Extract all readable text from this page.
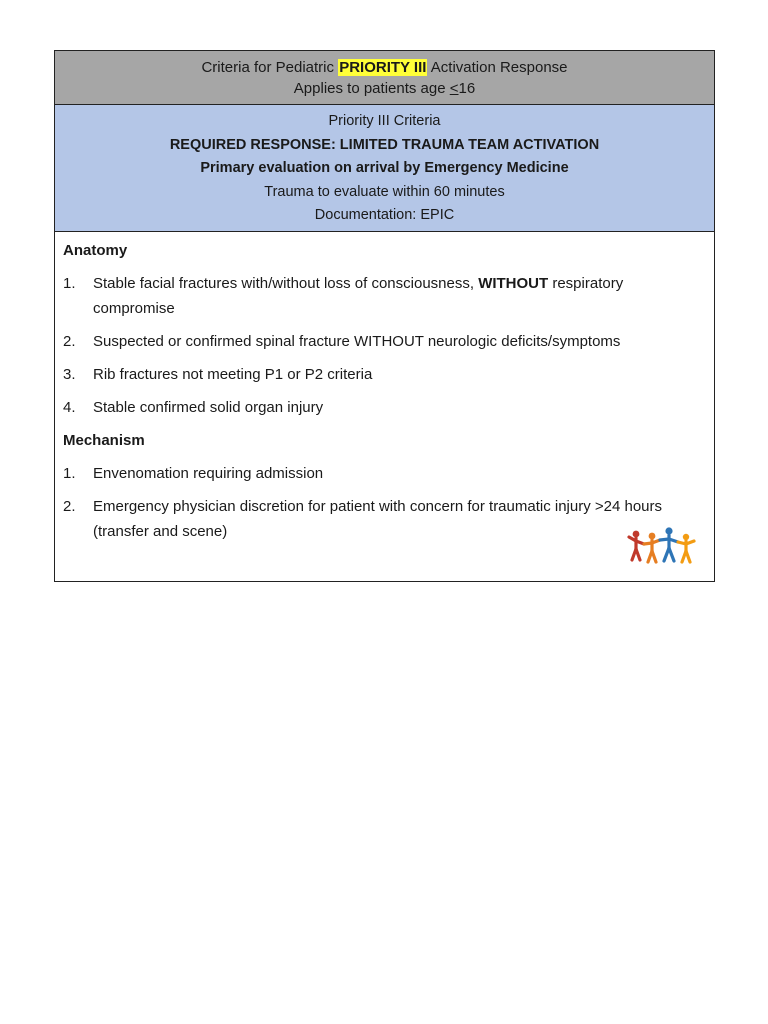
Criteria for Pediatric PRIORITY III Activation Response
Applies to patients age <16
Priority III Criteria
REQUIRED RESPONSE: LIMITED TRAUMA TEAM ACTIVATION
Primary evaluation on arrival by Emergency Medicine
Trauma to evaluate within 60 minutes
Documentation: EPIC
Anatomy
1.	Stable facial fractures with/without loss of consciousness, WITHOUT respiratory compromise
2.	Suspected or confirmed spinal fracture WITHOUT neurologic deficits/symptoms
3.	Rib fractures not meeting P1 or P2 criteria
4.	Stable confirmed solid organ injury
Mechanism
1.	Envenomation requiring admission
2.	Emergency physician discretion for patient with concern for traumatic injury >24 hours (transfer and scene)
